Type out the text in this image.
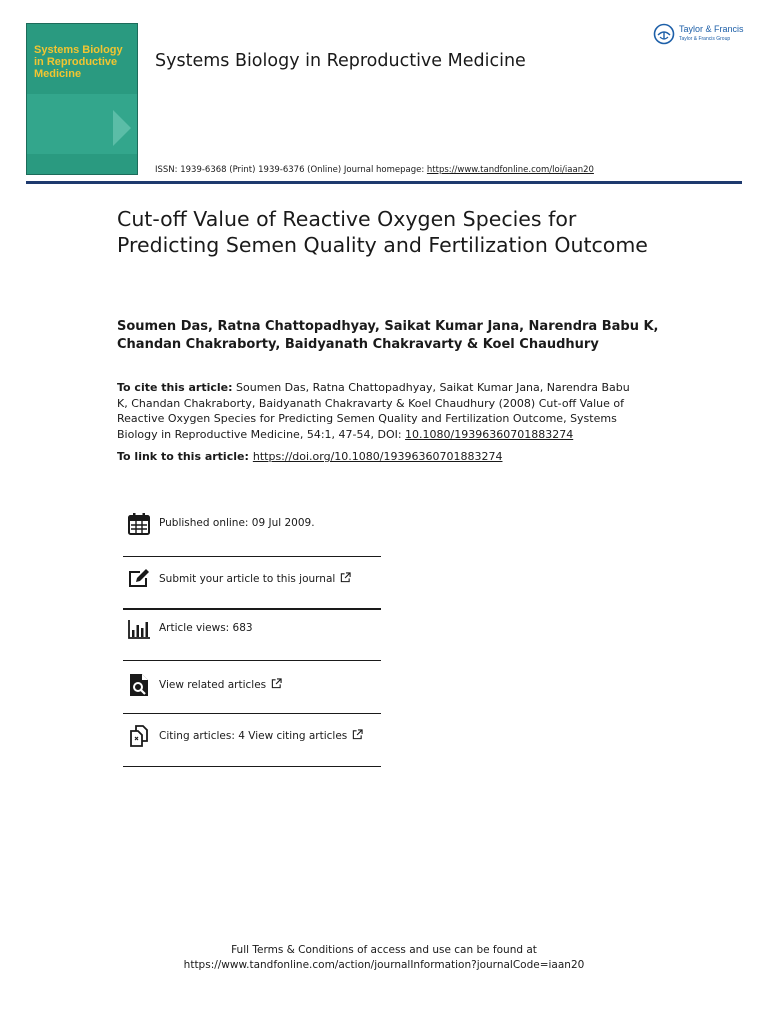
Systems Biology in Reproductive Medicine
Systems Biology in Reproductive Medicine
Taylor & Francis
Taylor & Francis Group
ISSN: 1939-6368 (Print) 1939-6376 (Online) Journal homepage: https://www.tandfonline.com/loi/iaan20
Cut-off Value of Reactive Oxygen Species for Predicting Semen Quality and Fertilization Outcome
Soumen Das, Ratna Chattopadhyay, Saikat Kumar Jana, Narendra Babu K, Chandan Chakraborty, Baidyanath Chakravarty & Koel Chaudhury
To cite this article: Soumen Das, Ratna Chattopadhyay, Saikat Kumar Jana, Narendra Babu K, Chandan Chakraborty, Baidyanath Chakravarty & Koel Chaudhury (2008) Cut-off Value of Reactive Oxygen Species for Predicting Semen Quality and Fertilization Outcome, Systems Biology in Reproductive Medicine, 54:1, 47-54, DOI: 10.1080/19396360701883274
To link to this article: https://doi.org/10.1080/19396360701883274
Published online: 09 Jul 2009.
Submit your article to this journal
Article views: 683
View related articles
Citing articles: 4 View citing articles
Full Terms & Conditions of access and use can be found at
https://www.tandfonline.com/action/journalInformation?journalCode=iaan20
